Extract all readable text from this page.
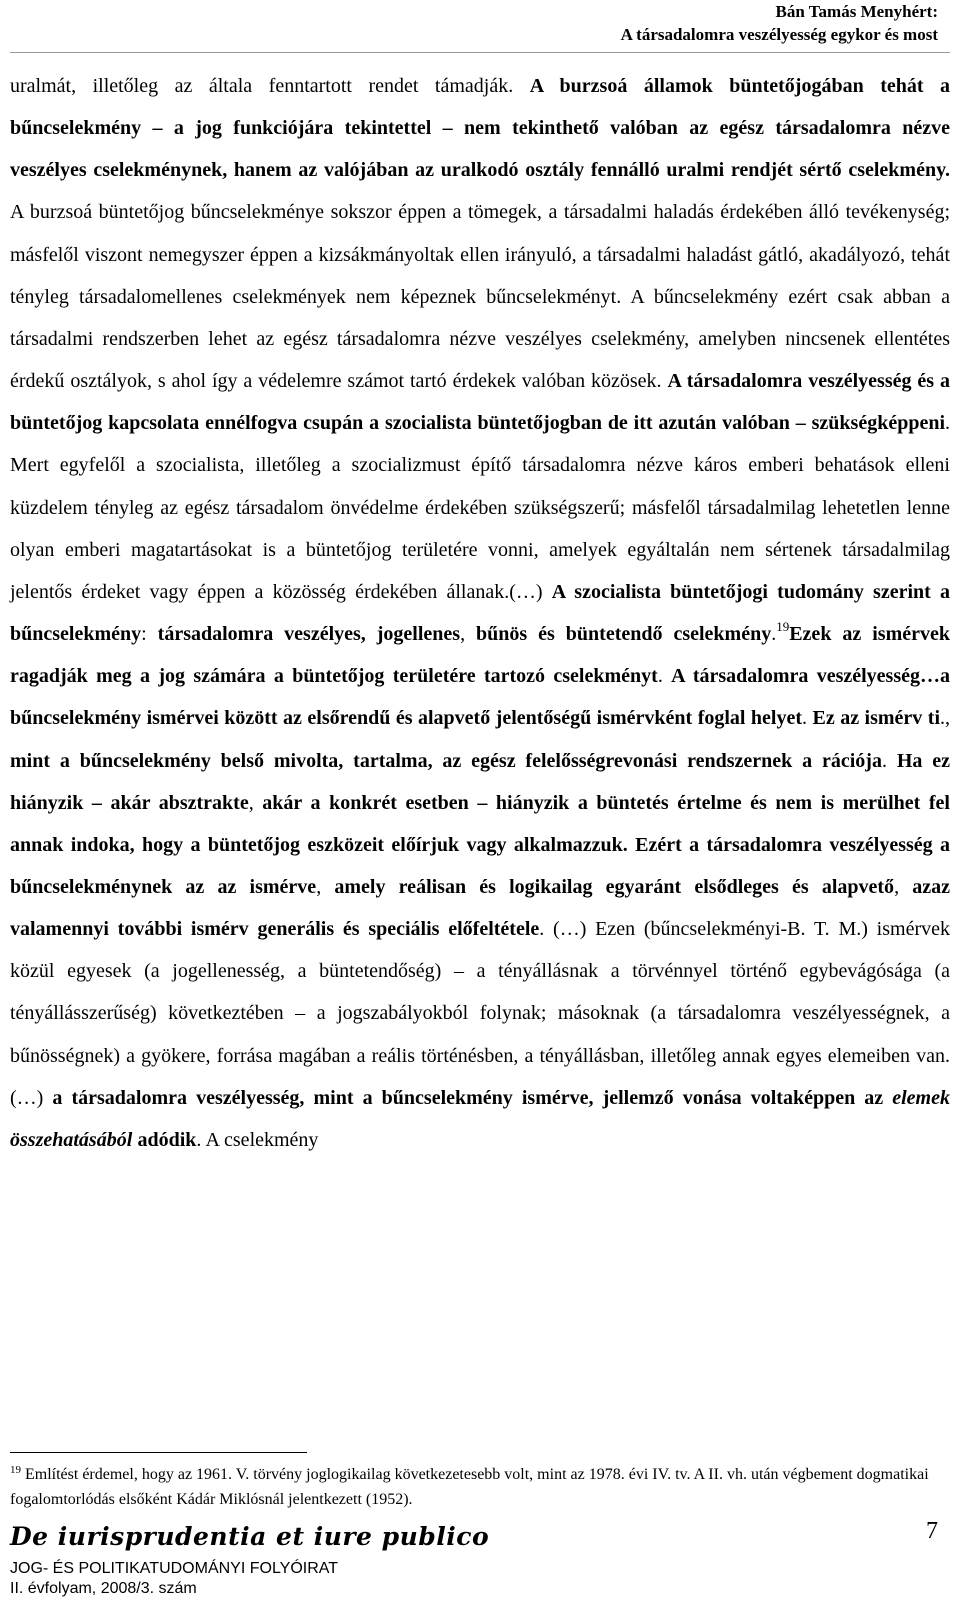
Bán Tamás Menyhért:
A társadalomra veszélyesség egykor és most
uralmát, illetőleg az általa fenntartott rendet támadják. A burzsoá államok büntetőjogában tehát a bűncselekmény – a jog funkciójára tekintettel – nem tekinthető valóban az egész társadalomra nézve veszélyes cselekménynek, hanem az valójában az uralkodó osztály fennálló uralmi rendjét sértő cselekmény. A burzsoá büntetőjog bűncselekménye sokszor éppen a tömegek, a társadalmi haladás érdekében álló tevékenység; másfelől viszont nemegyszer éppen a kizsákmányoltak ellen irányuló, a társadalmi haladást gátló, akadályozó, tehát tényleg társadalomellenes cselekmények nem képeznek bűncselekményt. A bűncselekmény ezért csak abban a társadalmi rendszerben lehet az egész társadalomra nézve veszélyes cselekmény, amelyben nincsenek ellentétes érdekű osztályok, s ahol így a védelemre számot tartó érdekek valóban közösek. A társadalomra veszélyesség és a büntetőjog kapcsolata ennélfogva csupán a szocialista büntetőjogban de itt azután valóban – szükségképpeni. Mert egyfelől a szocialista, illetőleg a szocializmust építő társadalomra nézve káros emberi behatások elleni küzdelem tényleg az egész társadalom önvédelme érdekében szükségszerű; másfelől társadalmilag lehetetlen lenne olyan emberi magatartásokat is a büntetőjog területére vonni, amelyek egyáltalán nem sértenek társadalmilag jelentős érdeket vagy éppen a közösség érdekében állanak.(…) A szocialista büntetőjogi tudomány szerint a bűncselekmény: társadalomra veszélyes, jogellenes, bűnös és büntetendő cselekmény.$^{19}$Ezek az ismérvek ragadják meg a jog számára a büntetőjog területére tartozó cselekményt. A társadalomra veszélyesség…a bűncselekmény ismérvei között az elsőrendű és alapvető jelentőségű ismérvként foglal helyet. Ez az ismérv ti., mint a bűncselekmény belső mivolta, tartalma, az egész felelősségrevonási rendszernek a rációja. Ha ez hiányzik – akár absztrakte, akár a konkrét esetben – hiányzik a büntetés értelme és nem is merülhet fel annak indoka, hogy a büntetőjog eszközeit előírjuk vagy alkalmazzuk. Ezért a társadalomra veszélyesség a bűncselekménynek az az ismérve, amely reálisan és logikailag egyaránt elsődleges és alapvető, azaz valamennyi további ismérv generális és speciális előfeltétele. (…) Ezen (bűncselekményi-B. T. M.) ismérvek közül egyesek (a jogellenesség, a büntetendőség) – a tényállásnak a törvénnyel történő egybevágósága (a tényállásszerűség) következtében – a jogszabályokból folynak; másoknak (a társadalomra veszélyességnek, a bűnösségnek) a gyökere, forrása magában a reális történésben, a tényállásban, illetőleg annak egyes elemeiben van. (…) a társadalomra veszélyesség, mint a bűncselekmény ismérve, jellemző vonása voltaképpen az elemek összehatásából adódik. A cselekmény
$^{19}$ Említést érdemel, hogy az 1961. V. törvény joglogikailag következetesebb volt, mint az 1978. évi IV. tv. A II. vh. után végbement dogmatikai fogalomtorlódás elsőként Kádár Miklósnál jelentkezett (1952).
De iurisprudentia et iure publico	7
JOG- ÉS POLITIKATUDOMÁNYI FOLYÓIRAT
II. évfolyam, 2008/3. szám
